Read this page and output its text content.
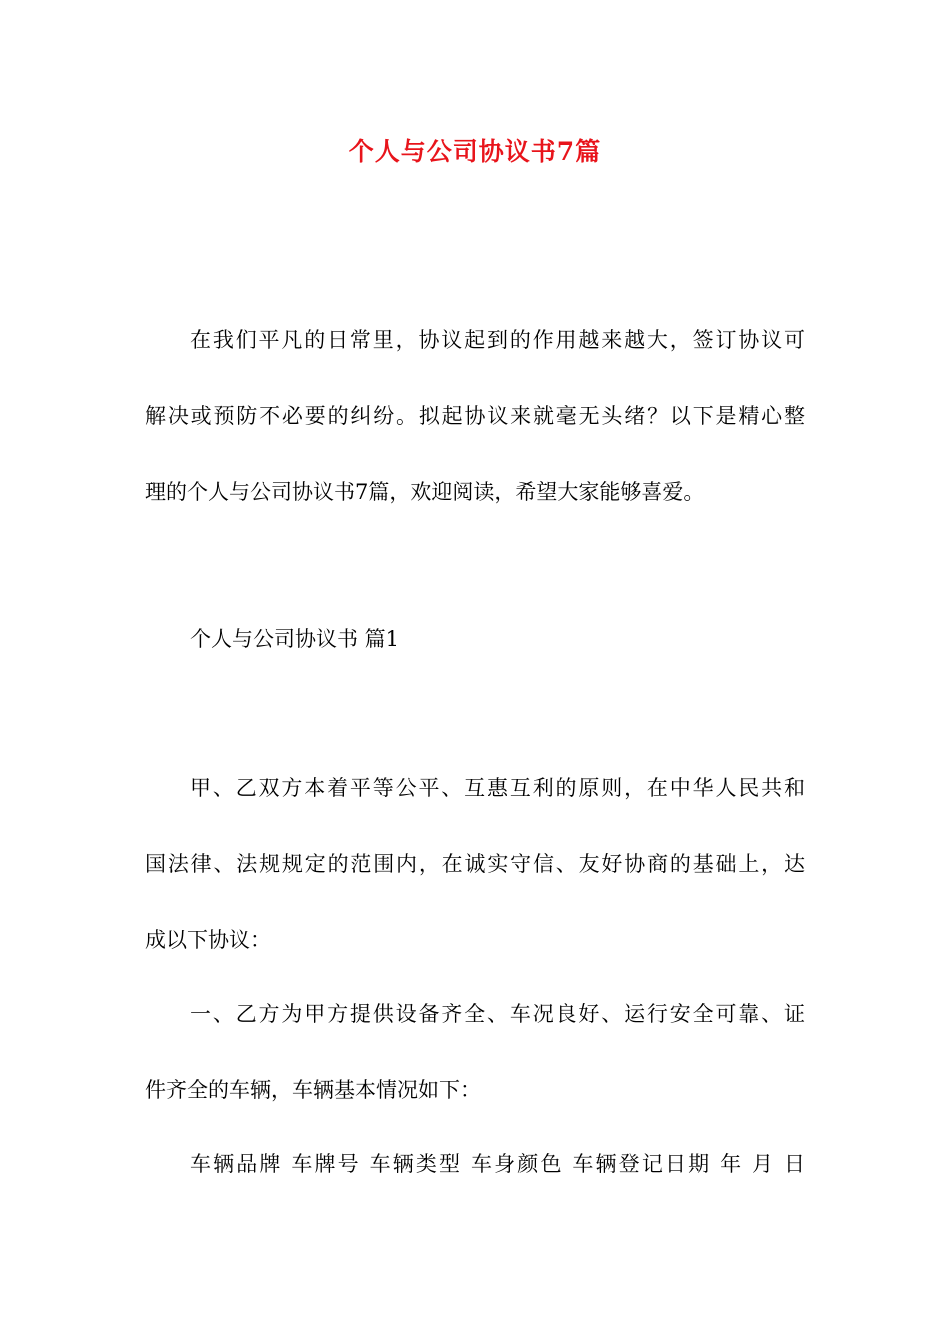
个人与公司协议书7篇
在我们平凡的日常里，协议起到的作用越来越大，签订协议可
解决或预防不必要的纠纷。拟起协议来就毫无头绪？以下是精心整
理的个人与公司协议书7篇，欢迎阅读，希望大家能够喜爱。
个人与公司协议书 篇1
甲、乙双方本着平等公平、互惠互利的原则，在中华人民共和
国法律、法规规定的范围内，在诚实守信、友好协商的基础上，达
成以下协议：
一、乙方为甲方提供设备齐全、车况良好、运行安全可靠、证
件齐全的车辆，车辆基本情况如下：
车辆品牌 车牌号 车辆类型 车身颜色 车辆登记日期 年 月 日
